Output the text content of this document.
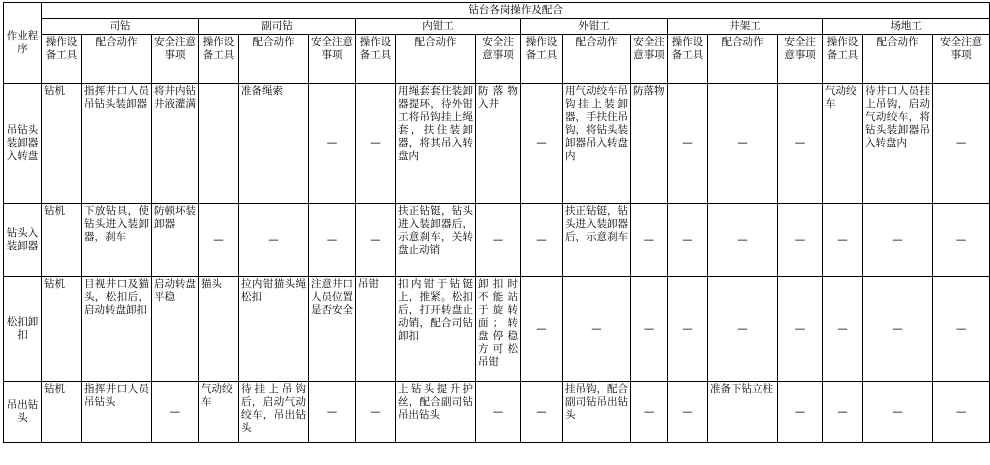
作业程序	钻台各岗操作及配合																	
	司钻			副司钻			内钳工			外钳工			井架工			场地工		
	操作设备工具	配合动作	安全注意事项	操作设备工具	配合动作	安全注意事项	操作设备工具	配合动作	安全注意事项	操作设备工具	配合动作	安全注意事项	操作设备工具	配合动作	安全注意事项	操作设备工具	配合动作	安全注意事项
吊钻头装卸器入转盘	钻机	指挥井口人员吊钻头装卸器	将井内钻井液灌满		准备绳索	—	—	用绳套套住装卸器提环，待外钳工将吊钩挂上绳套，扶住装卸器，将其吊入转盘内	防落物入井	—	用气动绞车吊钩挂上装卸器，手扶住吊钩，将钻头装卸器吊入转盘内	防落物	—	—	—	气动绞车	待井口人员挂上吊钩，启动气动绞车，将钻头装卸器吊入转盘内	—
钻头入装卸器	钻机	下放钻具，使钻头进入装卸器，刹车	防顿坏装卸器	—	—	—	—	扶正钻铤，钻头进入装卸器后，示意刹车，关转盘止动销	—	—	扶正钻铤，钻头进入装卸器后，示意刹车	—	—	—	—	—	—	—
松扣卸扣	钻机	目视井口及猫头，松扣后，启动转盘卸扣	启动转盘平稳	猫头	拉内钳猫头绳松扣	注意井口人员位置是否安全	吊钳	扣内钳于钻铤上，推紧。松扣后，打开转盘止动销，配合司钻卸扣	卸扣时不能站于旋转面；转盘停稳方可松吊钳	—	—	—	—	—	—	—	—	—
吊出钻头	钻机	指挥井口人员吊钻头	—	气动绞车	待挂上吊钩后，启动气动绞车，吊出钻头	—	—	上钻头提升护丝，配合副司钻吊出钻头	—	—	挂吊钩，配合副司钻吊出钻头	—	—	准备下钻立柱	—	—	—	—
